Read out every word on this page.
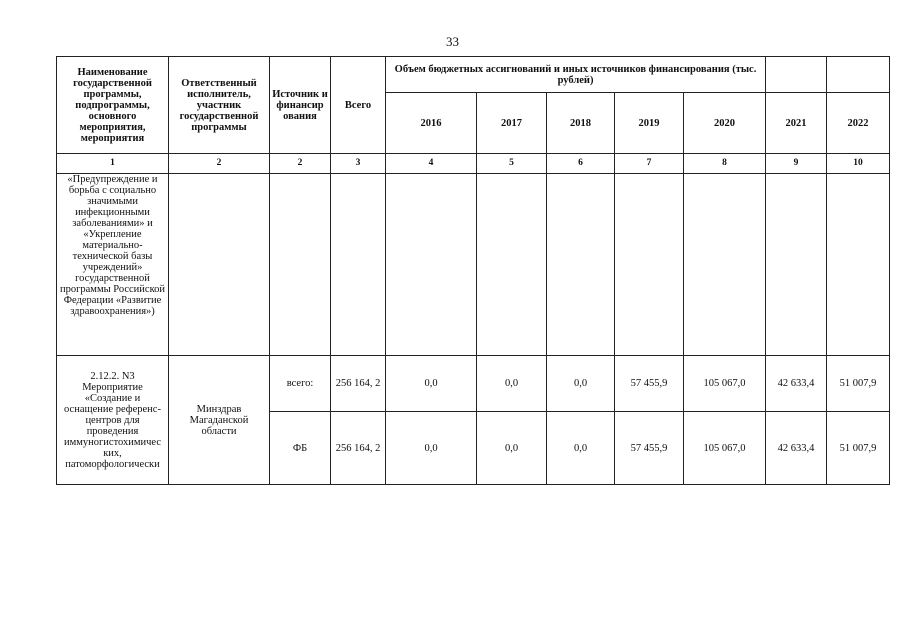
33
Наименование государственной программы, подпрограммы, основного мероприятия, мероприятия	Ответственный исполнитель, участник государственной программы	Источник и финансир ования	Всего	Объем бюджетных ассигнований и иных источников финансирования (тыс. рублей)						
				2016	2017	2018	2019	2020	2021	2022
1	2	2	3	4	5	6	7	8	9	10
«Предупреждение и борьба с социально значимыми инфекционными заболеваниями» и «Укрепление материально-технической базы учреждений» государственной программы Российской Федерации «Развитие здравоохранения»)										
2.12.2. N3 Мероприятие «Создание и оснащение референс-центров для проведения иммуногистохимичес ких, патоморфологически	Минздрав Магаданской области	всего:	256 164, 2	0,0	0,0	0,0	57 455,9	105 067,0	42 633,4	51 007,9
		ФБ	256 164, 2	0,0	0,0	0,0	57 455,9	105 067,0	42 633,4	51 007,9
